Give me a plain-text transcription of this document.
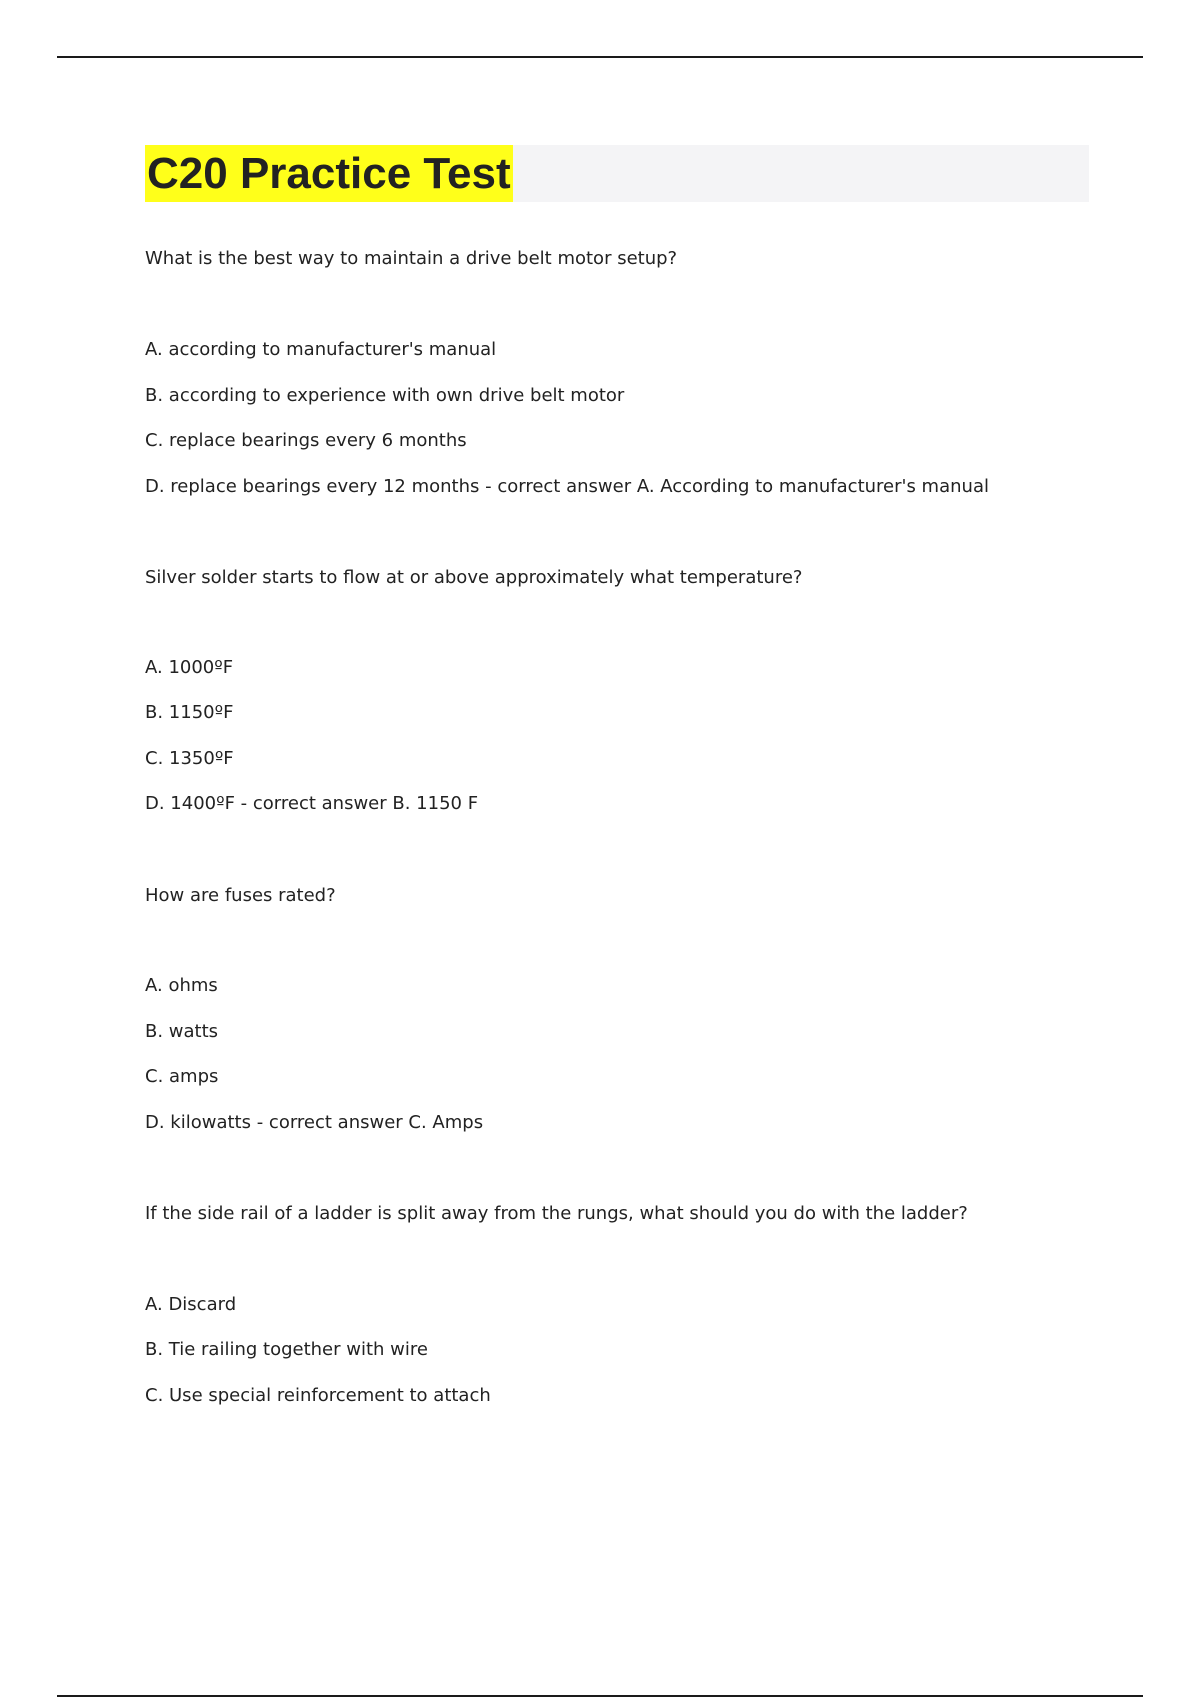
C20 Practice Test

What is the best way to maintain a drive belt motor setup?

A. according to manufacturer's manual

B. according to experience with own drive belt motor

C. replace bearings every 6 months

D. replace bearings every 12 months - correct answer A. According to manufacturer's manual

Silver solder starts to flow at or above approximately what temperature?

A. 1000ºF

B. 1150ºF

C. 1350ºF

D. 1400ºF - correct answer B. 1150 F

How are fuses rated?

A. ohms

B. watts

C. amps

D. kilowatts - correct answer C. Amps

If the side rail of a ladder is split away from the rungs, what should you do with the ladder?

A. Discard

B. Tie railing together with wire

C. Use special reinforcement to attach
